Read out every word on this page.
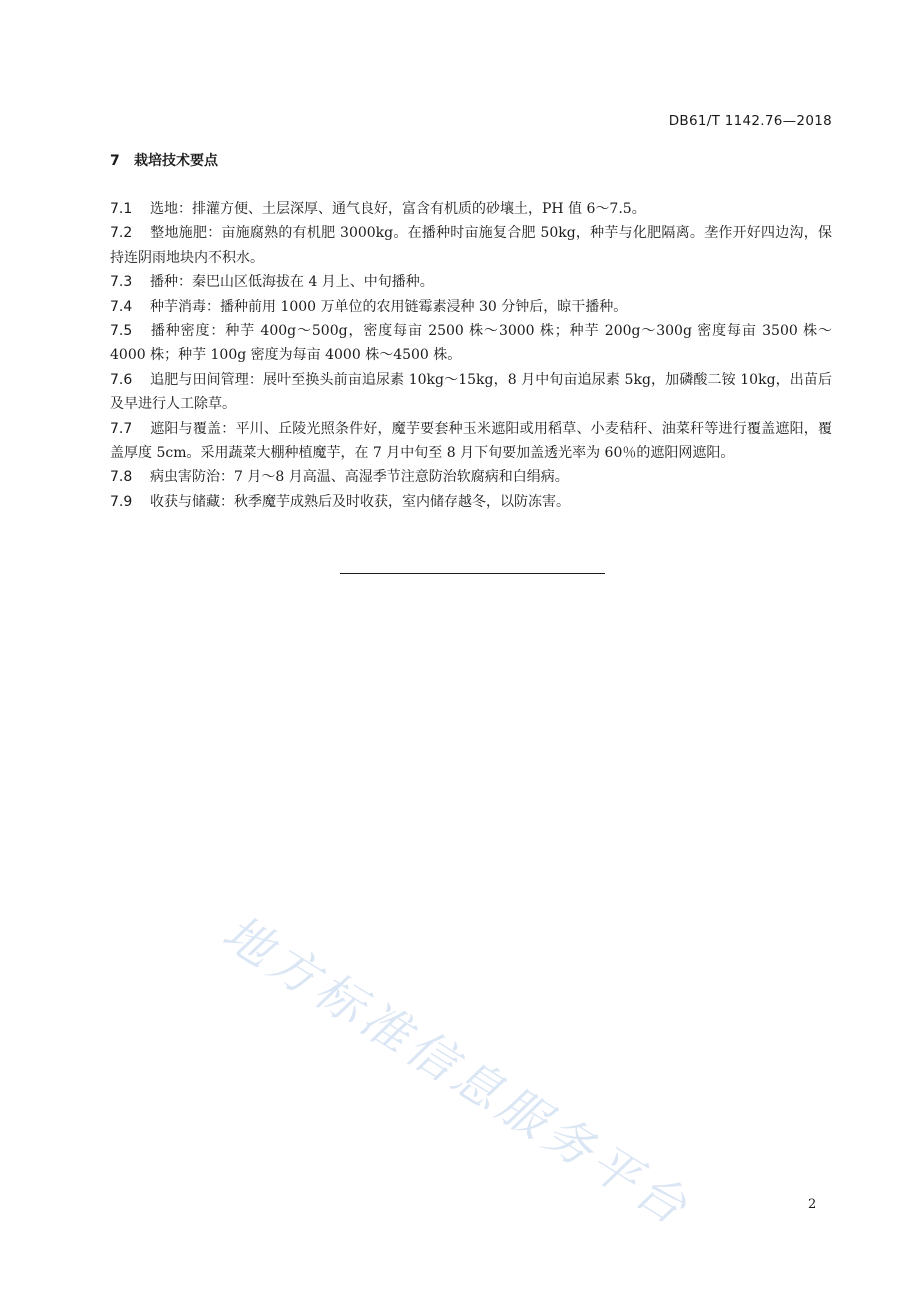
DB61/T 1142.76—2018
7 栽培技术要点
7.1 选地：排灌方便、土层深厚、通气良好，富含有机质的砂壤土，PH 值 6～7.5。
7.2 整地施肥：亩施腐熟的有机肥 3000kg。在播种时亩施复合肥 50kg，种芋与化肥隔离。垄作开好四边沟，保持连阴雨地块内不积水。
7.3 播种：秦巴山区低海拔在 4 月上、中旬播种。
7.4 种芋消毒：播种前用 1000 万单位的农用链霉素浸种 30 分钟后，晾干播种。
7.5 播种密度：种芋 400g～500g，密度每亩 2500 株～3000 株；种芋 200g～300g 密度每亩 3500 株～4000 株；种芋 100g 密度为每亩 4000 株～4500 株。
7.6 追肥与田间管理：展叶至换头前亩追尿素 10kg～15kg，8 月中旬亩追尿素 5kg，加磷酸二铵 10kg，出苗后及早进行人工除草。
7.7 遮阳与覆盖：平川、丘陵光照条件好，魔芋要套种玉米遮阳或用稻草、小麦秸秆、油菜秆等进行覆盖遮阳，覆盖厚度 5cm。采用蔬菜大棚种植魔芋，在 7 月中旬至 8 月下旬要加盖透光率为 60％的遮阳网遮阳。
7.8 病虫害防治：7 月～8 月高温、高湿季节注意防治软腐病和白绢病。
7.9 收获与储藏：秋季魔芋成熟后及时收获，室内储存越冬，以防冻害。
地方标准信息服务平台	2
